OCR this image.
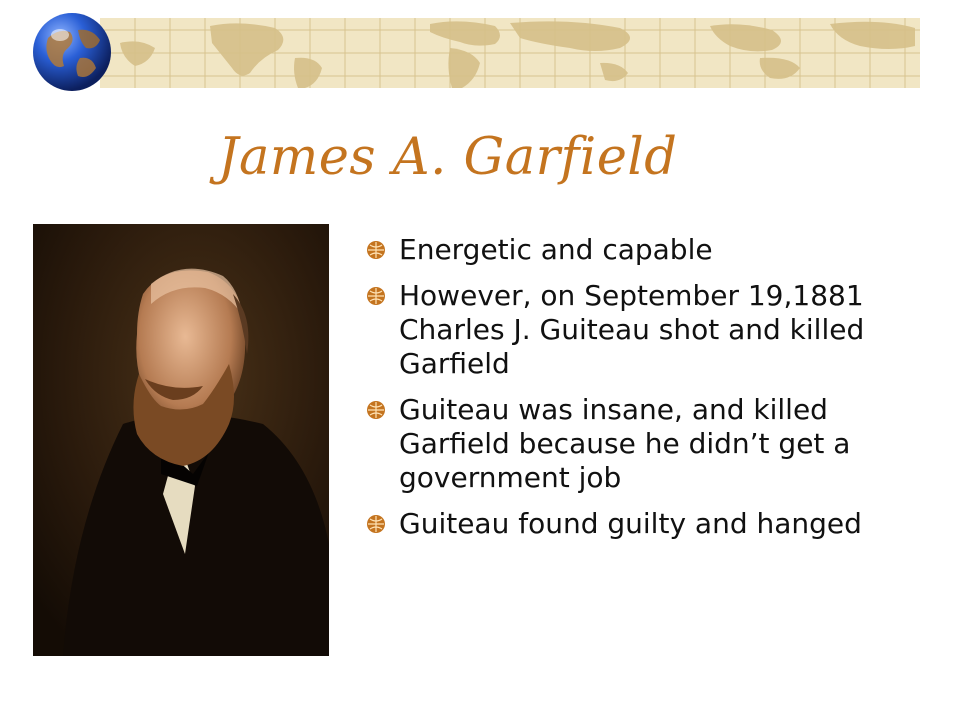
James A. Garfield
Energetic and capable
However, on September 19,1881 Charles J. Guiteau shot and killed Garfield
Guiteau was insane, and killed Garfield because he didn’t get a government job
Guiteau found guilty and hanged
